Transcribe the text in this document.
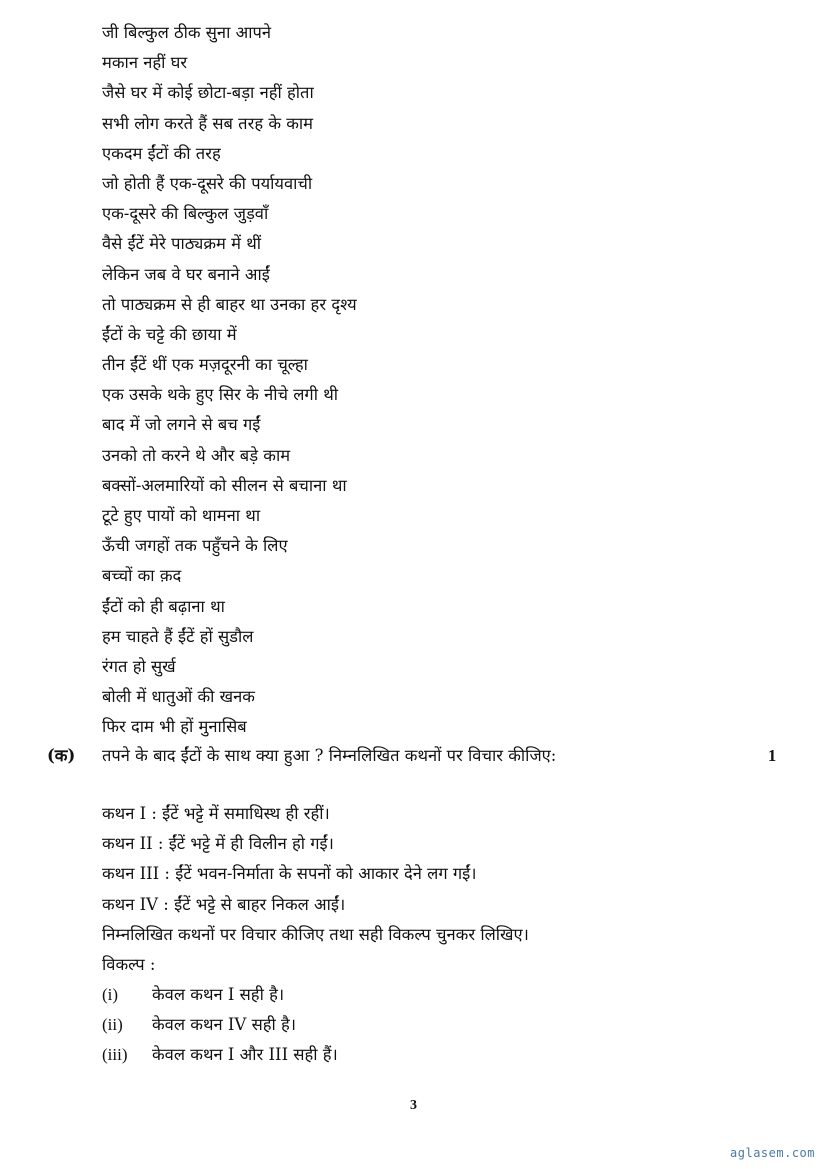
जी बिल्कुल ठीक सुना आपने
मकान नहीं घर
जैसे घर में कोई छोटा-बड़ा नहीं होता
सभी लोग करते हैं सब तरह के काम
एकदम ईंटों की तरह
जो होती हैं एक-दूसरे की पर्यायवाची
एक-दूसरे की बिल्कुल जुड़वाँ
वैसे ईंटें मेरे पाठ्यक्रम में थीं
लेकिन जब वे घर बनाने आईं
तो पाठ्यक्रम से ही बाहर था उनका हर दृश्य
ईंटों के चट्टे की छाया में
तीन ईंटें थीं एक मज़दूरनी का चूल्हा
एक उसके थके हुए सिर के नीचे लगी थी
बाद में जो लगने से बच गईं
उनको तो करने थे और बड़े काम
बक्सों-अलमारियों को सीलन से बचाना था
टूटे हुए पायों को थामना था
ऊँची जगहों तक पहुँचने के लिए
बच्चों का क़द
ईंटों को ही बढ़ाना था
हम चाहते हैं ईंटें हों सुडौल
रंगत हो सुर्ख
बोली में धातुओं की खनक
फिर दाम भी हों मुनासिब
(क) तपने के बाद ईंटों के साथ क्या हुआ ? निम्नलिखित कथनों पर विचार कीजिए:	1
कथन I : ईंटें भट्टे में समाधिस्थ ही रहीं।
कथन II : ईंटें भट्टे में ही विलीन हो गईं।
कथन III : ईंटें भवन-निर्माता के सपनों को आकार देने लग गईं।
कथन IV : ईंटें भट्टे से बाहर निकल आईं।
निम्नलिखित कथनों पर विचार कीजिए तथा सही विकल्प चुनकर लिखिए।
विकल्प :
(i) केवल कथन I सही है।
(ii) केवल कथन IV सही है।
(iii) केवल कथन I और III सही हैं।
3
aglasem.com
